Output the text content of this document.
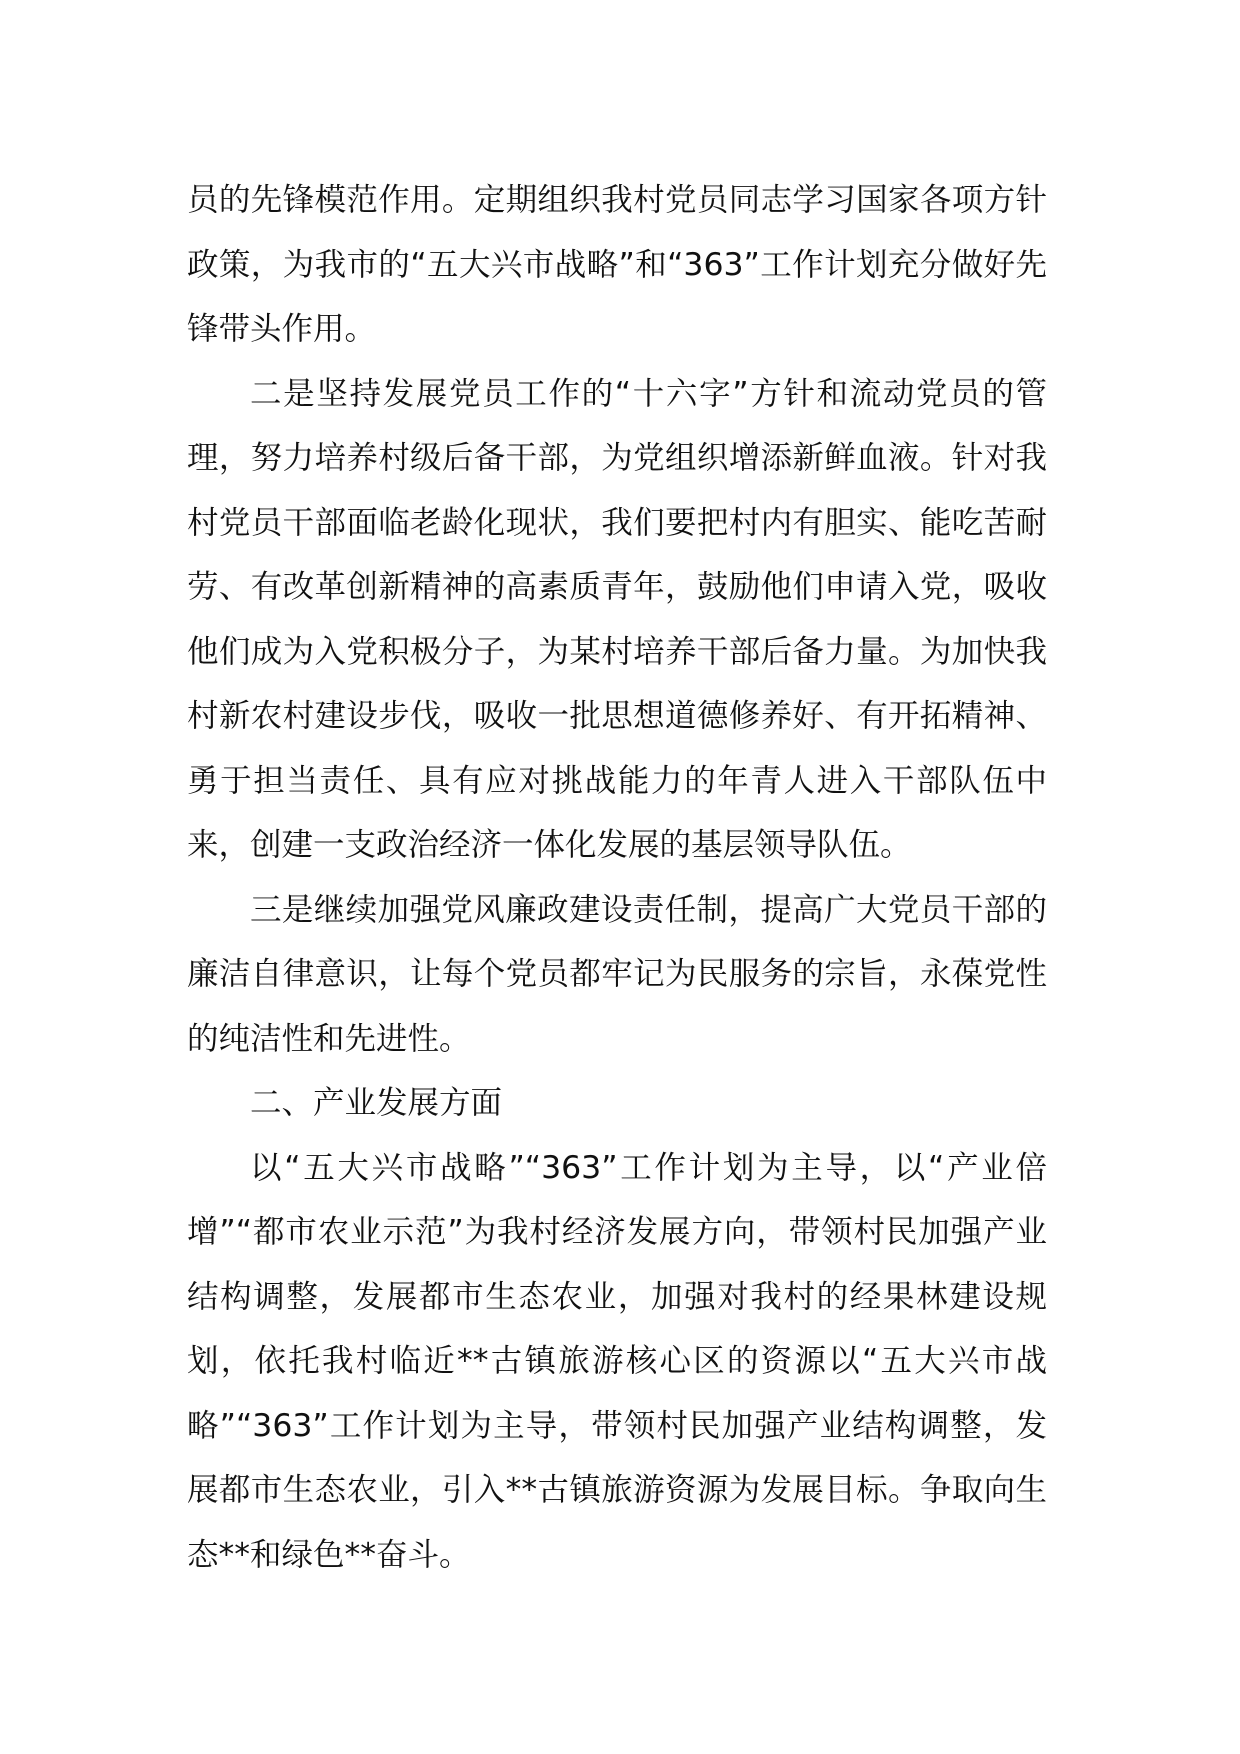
员的先锋模范作用。定期组织我村党员同志学习国家各项方针政策，为我市的“五大兴市战略”和“363”工作计划充分做好先锋带头作用。

二是坚持发展党员工作的“十六字”方针和流动党员的管理，努力培养村级后备干部，为党组织增添新鲜血液。针对我村党员干部面临老龄化现状，我们要把村内有胆实、能吃苦耐劳、有改革创新精神的高素质青年，鼓励他们申请入党，吸收他们成为入党积极分子，为某村培养干部后备力量。为加快我村新农村建设步伐，吸收一批思想道德修养好、有开拓精神、勇于担当责任、具有应对挑战能力的年青人进入干部队伍中来，创建一支政治经济一体化发展的基层领导队伍。

三是继续加强党风廉政建设责任制，提高广大党员干部的廉洁自律意识，让每个党员都牢记为民服务的宗旨，永葆党性的纯洁性和先进性。

二、产业发展方面

以“五大兴市战略”“363”工作计划为主导，以“产业倍增”“都市农业示范”为我村经济发展方向，带领村民加强产业结构调整，发展都市生态农业，加强对我村的经果林建设规划，依托我村临近**古镇旅游核心区的资源以“五大兴市战略”“363”工作计划为主导，带领村民加强产业结构调整，发展都市生态农业，引入**古镇旅游资源为发展目标。争取向生态**和绿色**奋斗。
